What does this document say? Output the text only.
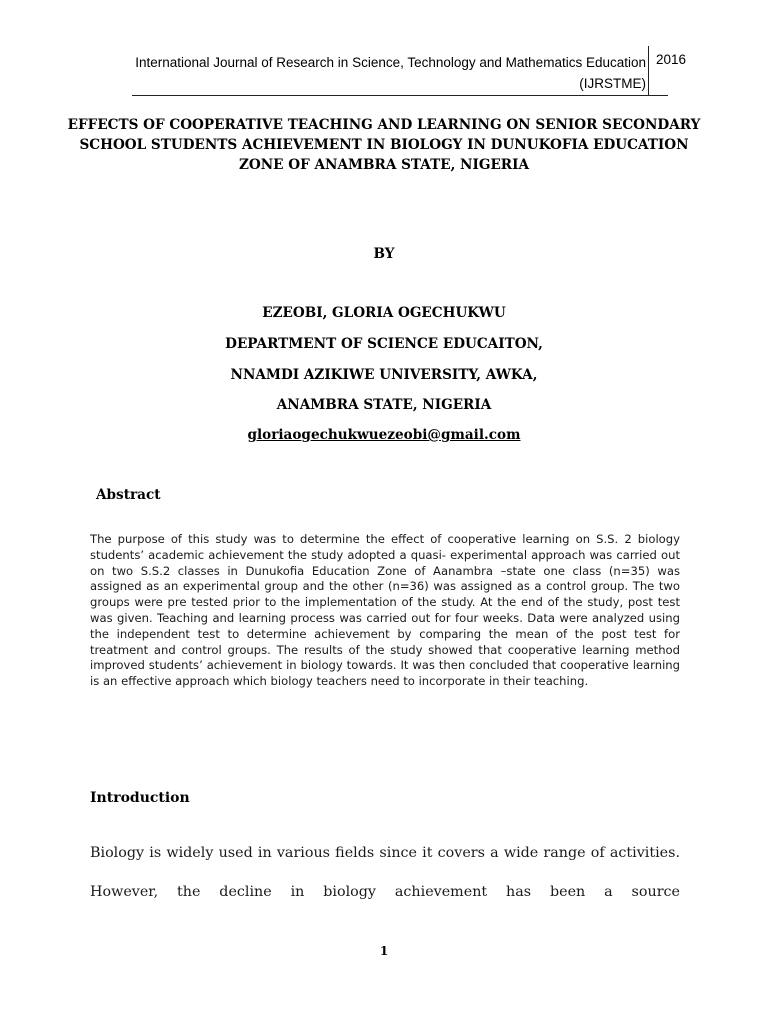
International Journal of Research in Science, Technology and Mathematics Education
(IJRSTME)
2016
EFFECTS OF COOPERATIVE TEACHING AND LEARNING ON SENIOR SECONDARY SCHOOL STUDENTS ACHIEVEMENT IN BIOLOGY IN DUNUKOFIA EDUCATION ZONE OF ANAMBRA STATE, NIGERIA
BY
EZEOBI, GLORIA OGECHUKWU
DEPARTMENT OF SCIENCE EDUCAITON,
NNAMDI AZIKIWE UNIVERSITY, AWKA,
ANAMBRA STATE, NIGERIA
gloriaogechukwuezeobi@gmail.com
Abstract
The purpose of this study was to determine the effect of cooperative learning on S.S. 2 biology students’ academic achievement the study adopted a quasi- experimental approach was carried out on two S.S.2 classes in Dunukofia Education Zone of Aanambra –state one class (n=35) was assigned as an experimental group and the other (n=36) was assigned as a control group. The two groups were pre tested prior to the implementation of the study. At the end of the study, post test was given. Teaching and learning process was carried out for four weeks. Data were analyzed using the independent test to determine achievement by comparing the mean of the post test for treatment and control groups. The results of the study showed that cooperative learning method improved students’ achievement in biology towards. It was then concluded that cooperative learning is an effective approach which biology teachers need to incorporate in their teaching.
Introduction
Biology is widely used in various fields since it covers a wide range of activities. However, the decline in biology achievement has been a source
1
